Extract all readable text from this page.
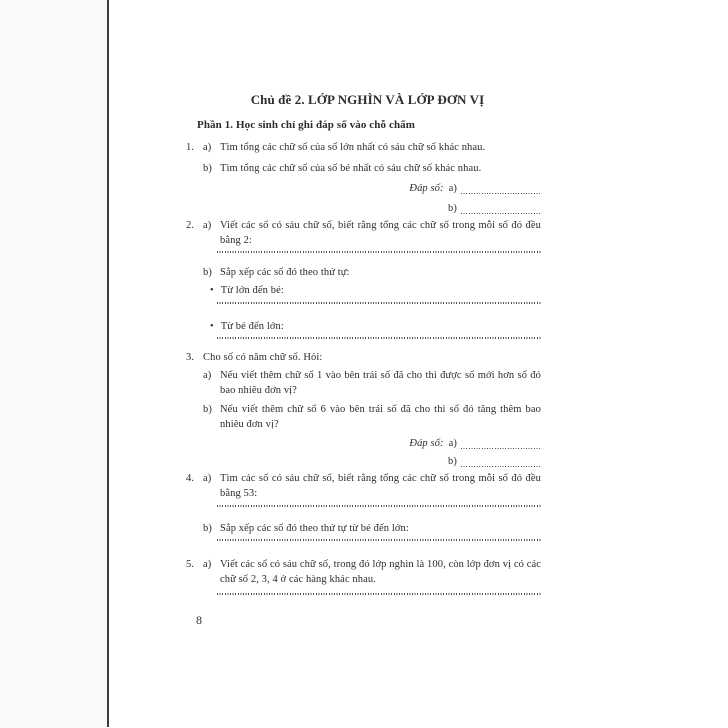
Chủ đề 2. LỚP NGHÌN VÀ LỚP ĐƠN VỊ
Phần 1. Học sinh chỉ ghi đáp số vào chỗ chấm
1. a) Tìm tổng các chữ số của số lớn nhất có sáu chữ số khác nhau.
b) Tìm tổng các chữ số của số bé nhất có sáu chữ số khác nhau.
Đáp số: a)
b)
2. a) Viết các số có sáu chữ số, biết rằng tổng các chữ số trong mỗi số đó đều bằng 2:
b) Sắp xếp các số đó theo thứ tự:
• Từ lớn đến bé:
• Từ bé đến lớn:
3. Cho số có năm chữ số. Hỏi:
a) Nếu viết thêm chữ số 1 vào bên trái số đã cho thì được số mới hơn số đó bao nhiêu đơn vị?
b) Nếu viết thêm chữ số 6 vào bên trái số đã cho thì số đó tăng thêm bao nhiêu đơn vị?
Đáp số: a)
b)
4. a) Tìm các số có sáu chữ số, biết rằng tổng các chữ số trong mỗi số đó đều bằng 53:
b) Sắp xếp các số đó theo thứ tự từ bé đến lớn:
5. a) Viết các số có sáu chữ số, trong đó lớp nghìn là 100, còn lớp đơn vị có các chữ số 2, 3, 4 ở các hàng khác nhau.
8
